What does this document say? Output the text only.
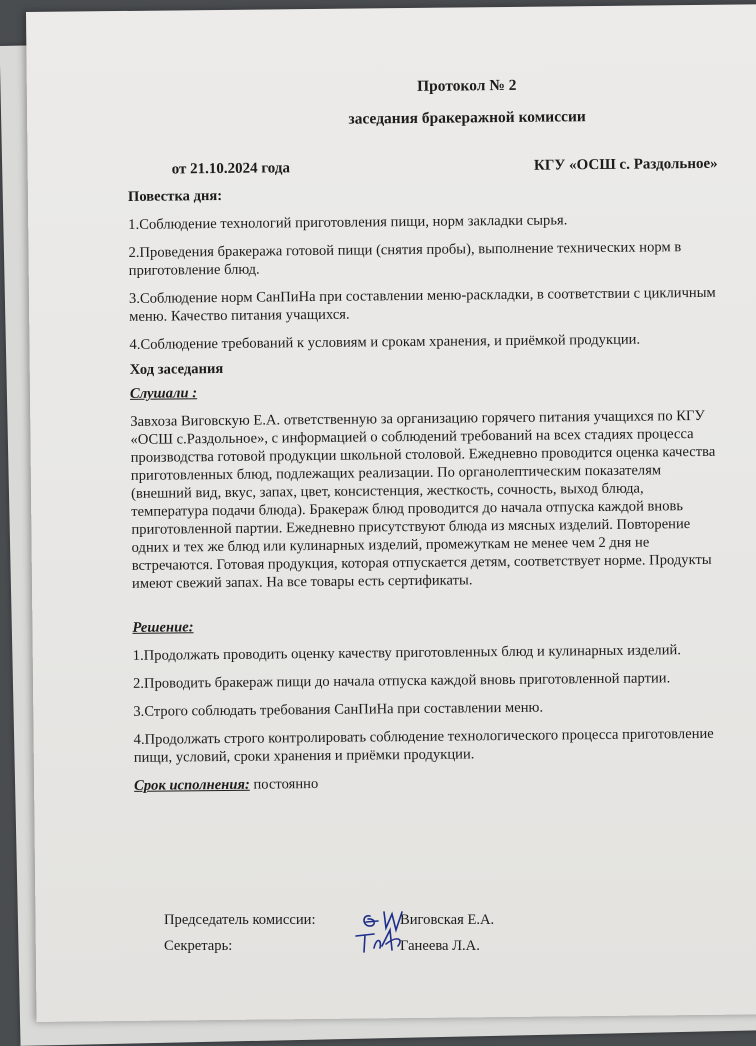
Протокол № 2
заседания бракеражной комиссии
от 21.10.2024 года	КГУ «ОСШ с. Раздольное»
Повестка дня:
1.Соблюдение технологий приготовления пищи, норм закладки сырья.
2.Проведения бракеража готовой пищи (снятия пробы), выполнение технических норм в приготовление блюд.
3.Соблюдение норм СанПиНа при составлении меню-раскладки, в соответствии с цикличным меню. Качество питания учащихся.
4.Соблюдение требований к условиям и срокам хранения, и приёмкой продукции.
Ход заседания
Слушали :
Завхоза Виговскую Е.А. ответственную за организацию горячего питания учащихся по КГУ «ОСШ с.Раздольное», с информацией о соблюдений требований на всех стадиях процесса производства готовой продукции школьной столовой. Ежедневно проводится оценка качества приготовленных блюд, подлежащих реализации. По органолептическим показателям (внешний вид, вкус, запах, цвет, консистенция, жесткость, сочность, выход блюда, температура подачи блюда). Бракераж блюд проводится до начала отпуска каждой вновь приготовленной партии. Ежедневно присутствуют блюда из мясных изделий. Повторение одних и тех же блюд или кулинарных изделий, промежуткам не менее чем 2 дня не встречаются. Готовая продукция, которая отпускается детям, соответствует норме. Продукты имеют свежий запах. На все товары есть сертификаты.
Решение:
1.Продолжать проводить оценку качеству приготовленных блюд и кулинарных изделий.
2.Проводить бракераж пищи до начала отпуска каждой вновь приготовленной партии.
3.Строго соблюдать требования СанПиНа при составлении меню.
4.Продолжать строго контролировать соблюдение технологического процесса приготовление пищи, условий, сроки хранения и приёмки продукции.
Срок исполнения: постоянно
Председатель комиссии:	Виговская Е.А.
Секретарь:	Ганеева Л.А.
